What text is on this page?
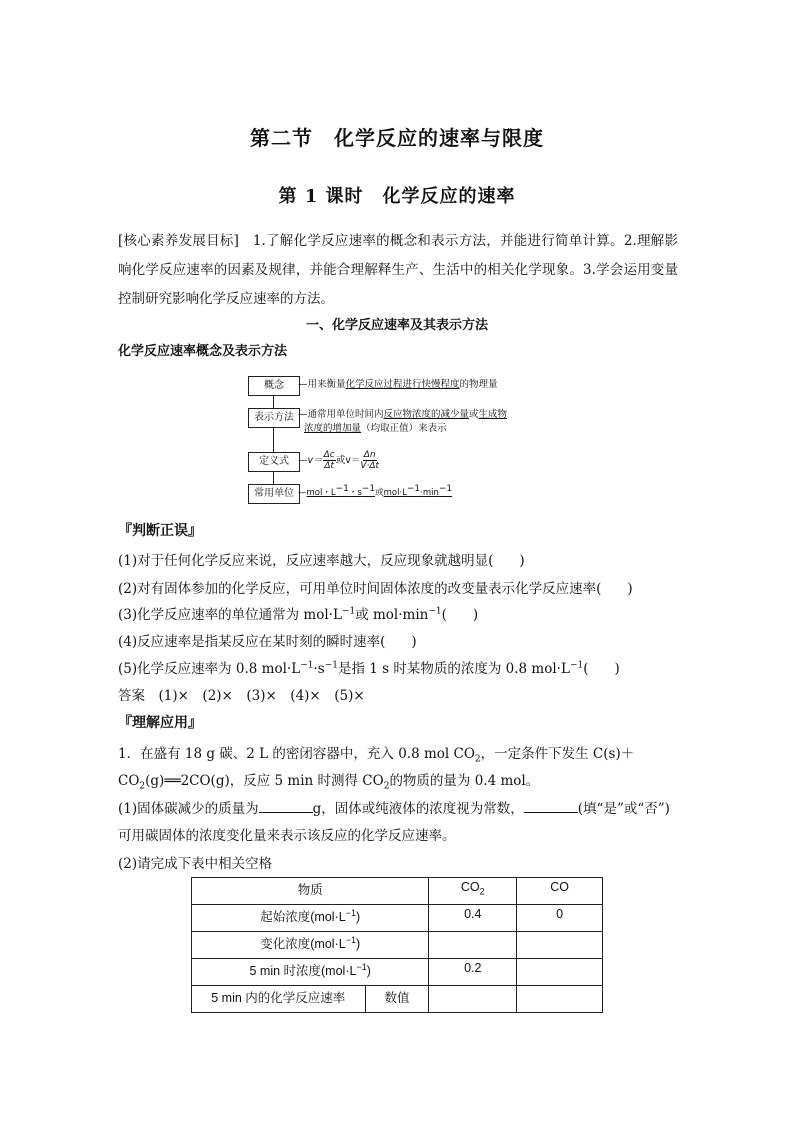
第二节　化学反应的速率与限度
第 1 课时　化学反应的速率
[核心素养发展目标]　1.了解化学反应速率的概念和表示方法，并能进行简单计算。2.理解影响化学反应速率的因素及规律，并能合理解释生产、生活中的相关化学现象。3.学会运用变量控制研究影响化学反应速率的方法。
一、化学反应速率及其表示方法
化学反应速率概念及表示方法
概念	—用来衡量化学反应过程进行快慢程度的物理量
表示方法 —通常用单位时间内反应物浓度的减少量或生成物
浓度的增加量（均取正值）来表示
定义式 —v＝ $\frac{\Delta c}{\Delta t}$ 或$v= \frac{\Delta n}{V\cdot\Delta t}$
常用单位 —mol・$L^{-1}$・$s^{-1}$或$mol\cdot L^{-1}\cdot\min^{-1}$
『判断正误』
(1)对于任何化学反应来说，反应速率越大，反应现象就越明显( )
(2)对有固体参加的化学反应，可用单位时间固体浓度的改变量表示化学反应速率( )
(3)化学反应速率的单位通常为 $mol\cdot L^{-1}$或 $mol\cdot\min^{-1}$( )
(4)反应速率是指某反应在某时刻的瞬时速率( )
(5)化学反应速率为 0.8 $mol\cdot L^{-1}\cdot s^{-1}$是指 1 s 时某物质的浓度为 0.8 $mol\cdot L^{-1}$( )
答案　(1)×　(2)×　(3)×　(4)×　(5)×
『理解应用』
1．在盛有 18 g 碳、2 L 的密闭容器中，充入 0.8 mol $CO_2$，一定条件下发生 C(s)＋
$CO_2(g)══2CO(g)$，反应 5 min 时测得 $CO_2$的物质的量为 0.4 mol。
(1)固体碳减少的质量为	g，固体或纯液体的浓度视为常数，	(填“是”或“否”)
可用碳固体的浓度变化量来表示该反应的化学反应速率。
(2)请完成下表中相关空格
物质		$CO_2$	CO
起始浓度$(mol\cdot L^{-1})$		0.4	0
变化浓度$(mol\cdot L^{-1})$			
5 min 时浓度$(mol\cdot L^{-1})$		0.2	
5 min 内的化学反应速率	数值		
